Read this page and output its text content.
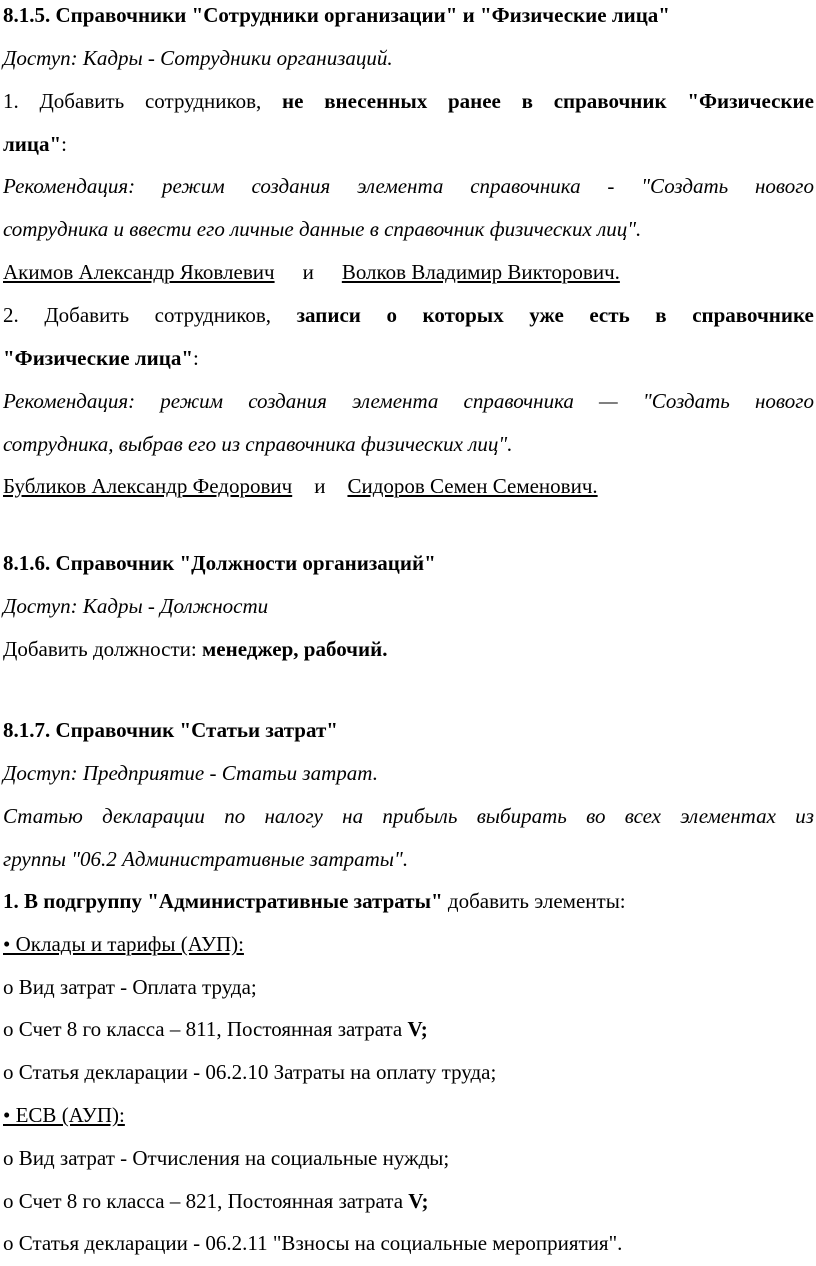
8.1.5. Справочники "Сотрудники организации" и "Физические лица"
Доступ: Кадры - Сотрудники организаций.
1. Добавить сотрудников, не внесенных ранее в справочник "Физические
лица":
Рекомендация: режим создания элемента справочника - "Создать нового
сотрудника и ввести его личные данные в справочник физических лиц".
Акимов Александр Яковлевич и Волков Владимир Викторович.
2. Добавить сотрудников, записи о которых уже есть в справочнике
"Физические лица":
Рекомендация: режим создания элемента справочника — "Создать нового
сотрудника, выбрав его из справочника физических лиц".
Бубликов Александр Федорович и Сидоров Семен Семенович.
8.1.6. Справочник "Должности организаций"
Доступ: Кадры - Должности
Добавить должности: менеджер, рабочий.
8.1.7. Справочник "Статьи затрат"
Доступ: Предприятие - Статьи затрат.
Статью декларации по налогу на прибыль выбирать во всех элементах из
группы "06.2 Административные затраты".
1. В подгруппу "Административные затраты" добавить элементы:
• Оклады и тарифы (АУП):
o Вид затрат - Оплата труда;
o Счет 8 го класса – 811, Постоянная затрата V;
o Статья декларации - 06.2.10 Затраты на оплату труда;
• ЕСВ (АУП):
o Вид затрат - Отчисления на социальные нужды;
o Счет 8 го класса – 821, Постоянная затрата V;
o Статья декларации - 06.2.11 "Взносы на социальные мероприятия".
